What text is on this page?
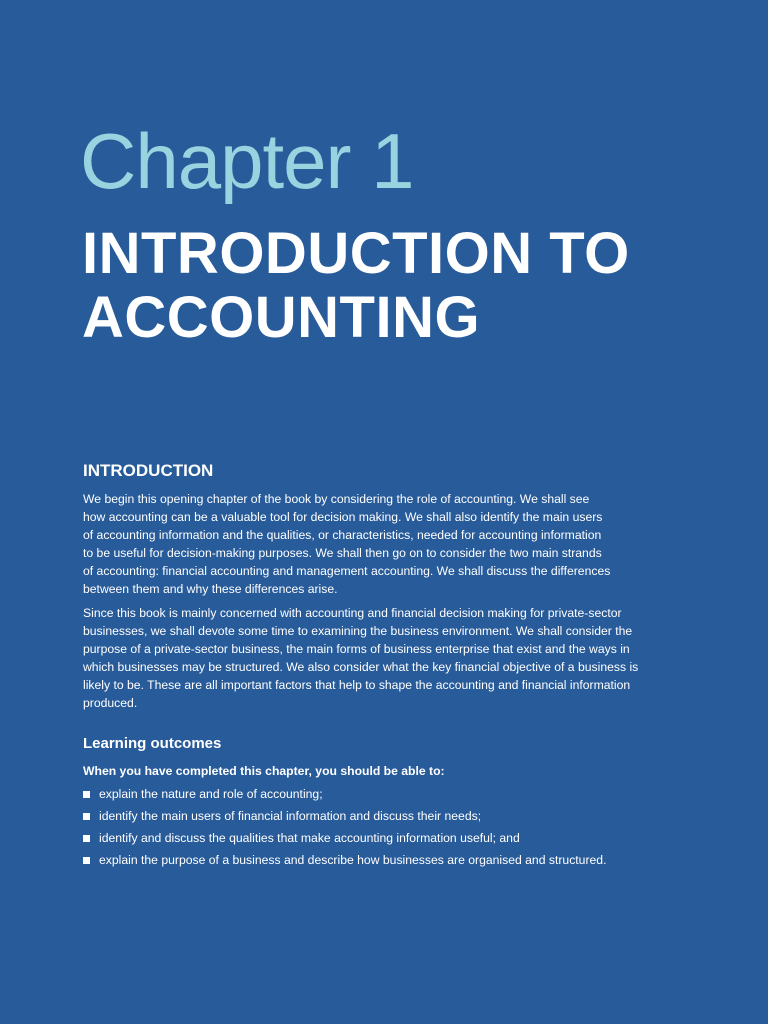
Chapter 1
INTRODUCTION TO
ACCOUNTING
INTRODUCTION

We begin this opening chapter of the book by considering the role of accounting. We shall see
how accounting can be a valuable tool for decision making. We shall also identify the main users
of accounting information and the qualities, or characteristics, needed for accounting information
to be useful for decision-making purposes. We shall then go on to consider the two main strands
of accounting: financial accounting and management accounting. We shall discuss the differences
between them and why these differences arise.

Since this book is mainly concerned with accounting and financial decision making for private-sector
businesses, we shall devote some time to examining the business environment. We shall consider the
purpose of a private-sector business, the main forms of business enterprise that exist and the ways in
which businesses may be structured. We also consider what the key financial objective of a business is
likely to be. These are all important factors that help to shape the accounting and financial information
produced.

Learning outcomes
When you have completed this chapter, you should be able to:
explain the nature and role of accounting;
identify the main users of financial information and discuss their needs;
identify and discuss the qualities that make accounting information useful; and
explain the purpose of a business and describe how businesses are organised and structured.
